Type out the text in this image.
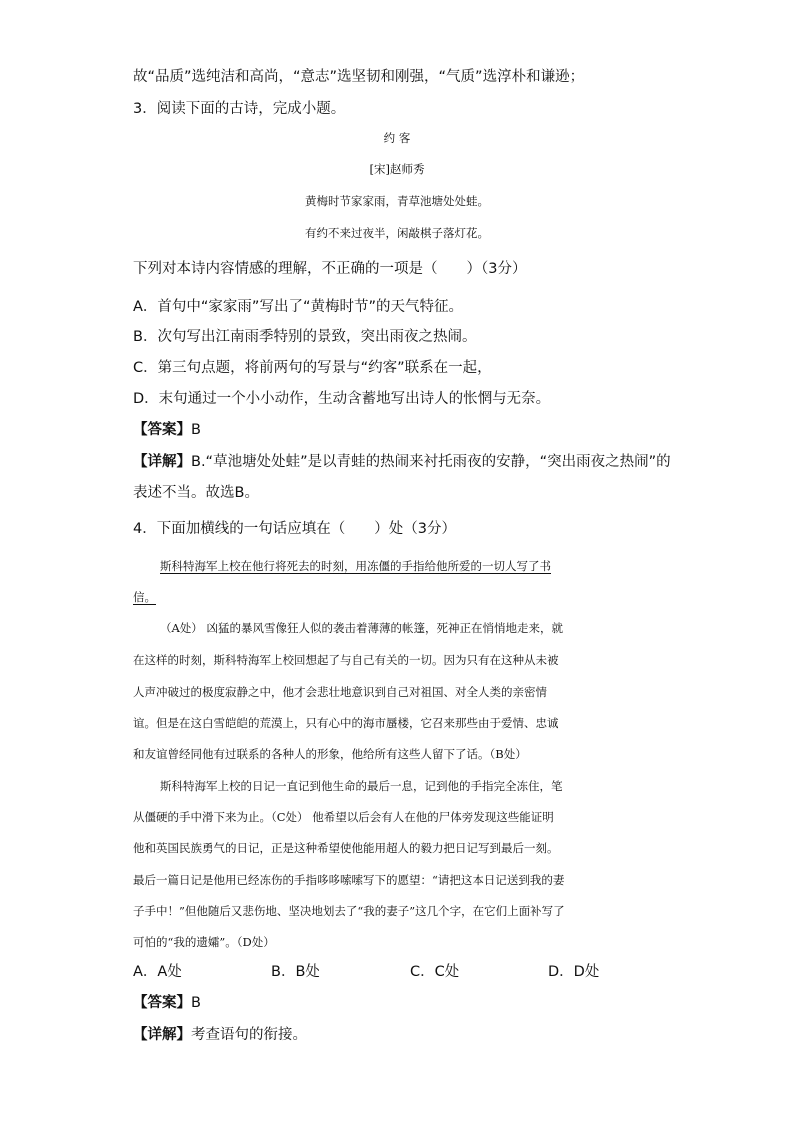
故“品质”选纯洁和高尚，“意志”选坚韧和刚强，“气质”选淳朴和谦逊；
3．阅读下面的古诗，完成小题。
约 客
[宋]赵师秀
黄梅时节家家雨，青草池塘处处蛙。
有约不来过夜半，闲敲棋子落灯花。
下列对本诗内容情感的理解，不正确的一项是（　　）（3分）
A．首句中“家家雨”写出了“黄梅时节”的天气特征。
B．次句写出江南雨季特别的景致，突出雨夜之热闹。
C．第三句点题，将前两句的写景与“约客”联系在一起，
D．末句通过一个小小动作，生动含蓄地写出诗人的怅惘与无奈。
【答案】B
【详解】B.“草池塘处处蛙”是以青蛙的热闹来衬托雨夜的安静，“突出雨夜之热闹”的
表述不当。故选B。
4．下面加横线的一句话应填在（　　）处（3分）
斯科特海军上校在他行将死去的时刻，用冻僵的手指给他所爱的一切人写了书
信。
（A处） 凶猛的暴风雪像狂人似的袭击着薄薄的帐篷，死神正在悄悄地走来，就
在这样的时刻，斯科特海军上校回想起了与自己有关的一切。因为只有在这种从未被
人声冲破过的极度寂静之中，他才会悲壮地意识到自己对祖国、对全人类的亲密情
谊。但是在这白雪皑皑的荒漠上，只有心中的海市蜃楼，它召来那些由于爱情、忠诚
和友谊曾经同他有过联系的各种人的形象，他给所有这些人留下了话。（B处）
斯科特海军上校的日记一直记到他生命的最后一息，记到他的手指完全冻住，笔
从僵硬的手中滑下来为止。（C处） 他希望以后会有人在他的尸体旁发现这些能证明
他和英国民族勇气的日记，正是这种希望使他能用超人的毅力把日记写到最后一刻。
最后一篇日记是他用已经冻伤的手指哆哆嗦嗦写下的愿望：“请把这本日记送到我的妻
子手中！”但他随后又悲伤地、坚决地划去了“我的妻子”这几个字，在它们上面补写了
可怕的“我的遗孀”。（D处）
A．A处	B．B处	C．C处	D．D处
【答案】B
【详解】考查语句的衔接。
